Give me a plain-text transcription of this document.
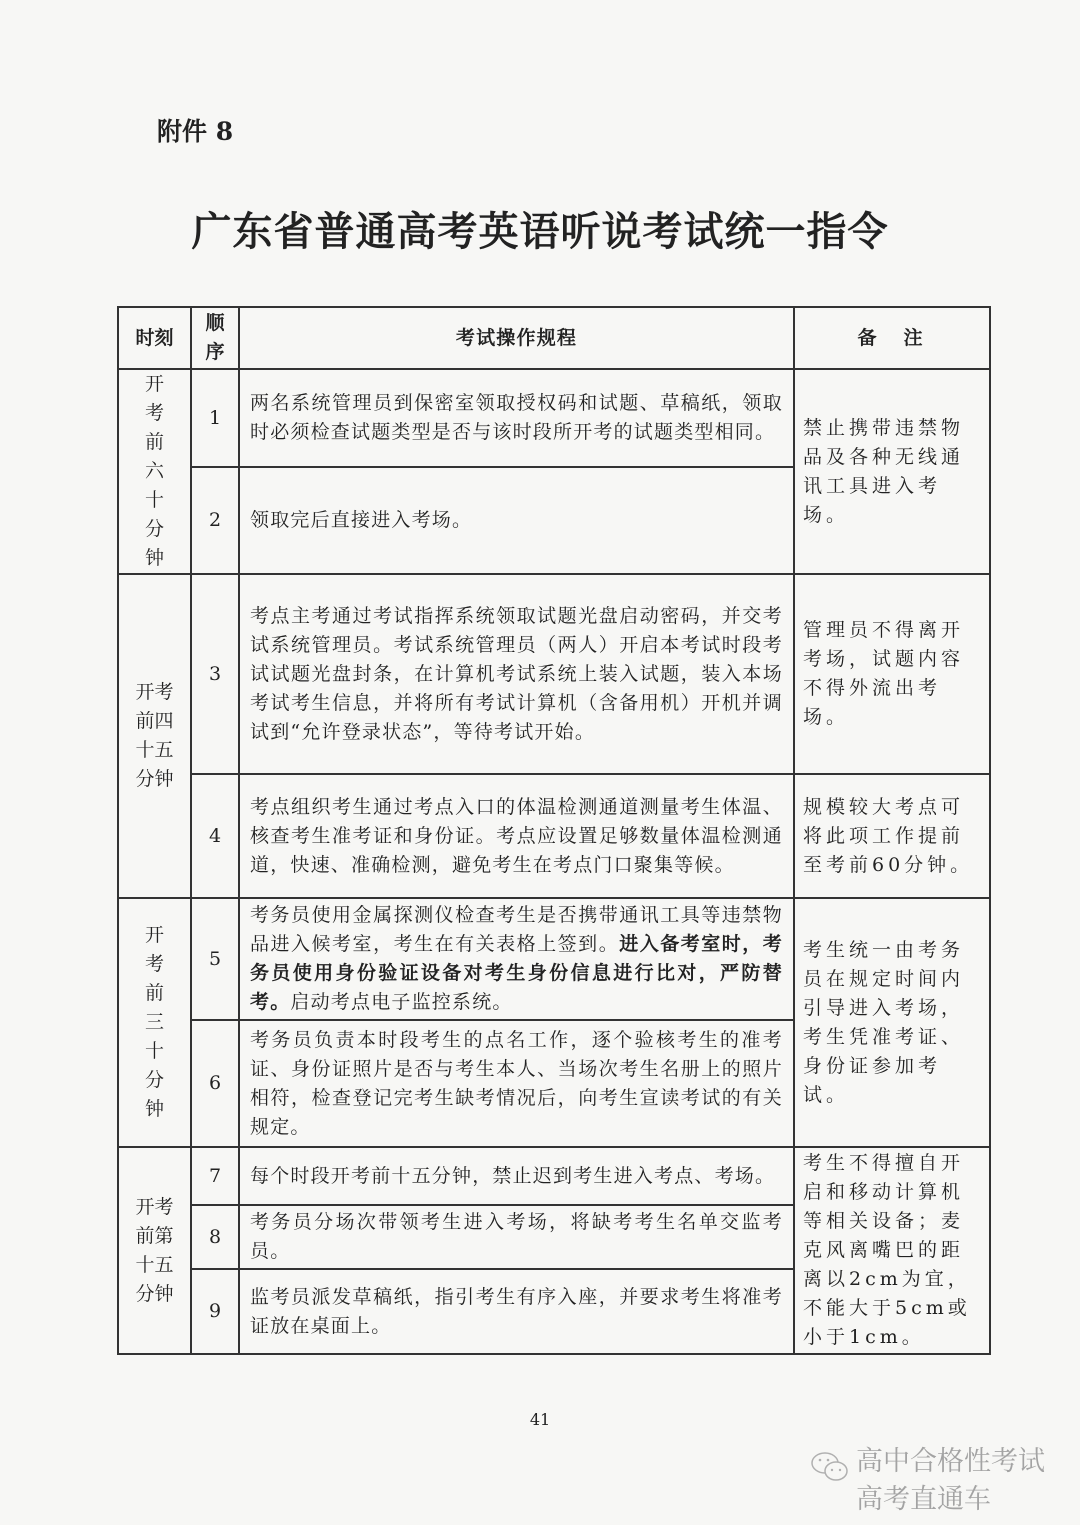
附件 8
广东省普通高考英语听说考试统一指令
时刻	顺序	考试操作规程	备　注

开考前六十分钟	1	两名系统管理员到保密室领取授权码和试题、草稿纸，领取时必须检查试题类型是否与该时段所开考的试题类型相同。	禁止携带违禁物品及各种无线通讯工具进入考场。
	2	领取完后直接进入考场。	

开考前四十五分钟	3	考点主考通过考试指挥系统领取试题光盘启动密码，并交考试系统管理员。考试系统管理员（两人）开启本考试时段考试试题光盘封条，在计算机考试系统上装入试题，装入本场考试考生信息，并将所有考试计算机（含备用机）开机并调试到“允许登录状态”，等待考试开始。	管理员不得离开考场，试题内容不得外流出考场。
	4	考点组织考生通过考点入口的体温检测通道测量考生体温、核查考生准考证和身份证。考点应设置足够数量体温检测通道，快速、准确检测，避免考生在考点门口聚集等候。	规模较大考点可将此项工作提前至考前60分钟。

开考前三十分钟	5	考务员使用金属探测仪检查考生是否携带通讯工具等违禁物品进入候考室，考生在有关表格上签到。进入备考室时，考务员使用身份验证设备对考生身份信息进行比对，严防替考。启动考点电子监控系统。	考生统一由考务员在规定时间内引导进入考场，考生凭准考证、身份证参加考试。
	6	考务员负责本时段考生的点名工作，逐个验核考生的准考证、身份证照片是否与考生本人、当场次考生名册上的照片相符，检查登记完考生缺考情况后，向考生宣读考试的有关规定。	

开考前第十五分钟	7	每个时段开考前十五分钟，禁止迟到考生进入考点、考场。	考生不得擅自开启和移动计算机等相关设备；麦克风离嘴巴的距离以2cm为宜，不能大于5cm或小于1cm。
	8	考务员分场次带领考生进入考场，将缺考考生名单交监考员。	
	9	监考员派发草稿纸，指引考生有序入座，并要求考生将准考证放在桌面上。	
41
高中合格性考试
高考直通车
